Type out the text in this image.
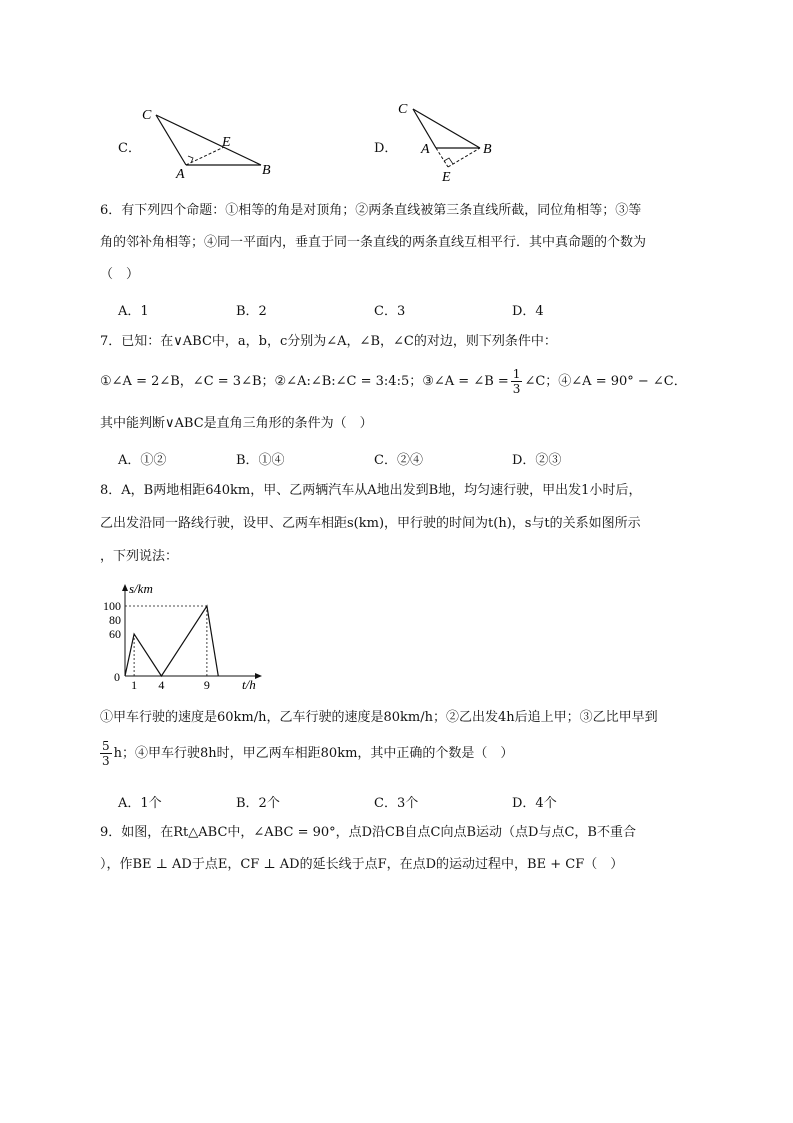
C．
C
E
A	B
D．
C
A	B
E
6．有下列四个命题：①相等的角是对顶角；②两条直线被第三条直线所截，同位角相等；③等
角的邻补角相等；④同一平面内，垂直于同一条直线的两条直线互相平行．其中真命题的个数为
（　）
A．1	B．2	C．3	D．4
7．已知：在∨ABC中，a，b，c分别为∠A，∠B，∠C的对边，则下列条件中：
①∠A = 2∠B，∠C = 3∠B；②∠A:∠B:∠C = 3:4:5；③∠A = ∠B = $\frac{1}{3}$ ∠C；④∠A = 90° − ∠C．
其中能判断∨ABC是直角三角形的条件为（　）
A．①②	B．①④	C．②④	D．②③
8．A，B两地相距640km，甲、乙两辆汽车从A地出发到B地，均匀速行驶，甲出发1小时后，
乙出发沿同一路线行驶，设甲、乙两车相距s(km)，甲行驶的时间为t(h)，s与t的关系如图所示
，下列说法：
s/km
t/h
0
60
80
100
1 4	9
①甲车行驶的速度是60km/h，乙车行驶的速度是80km/h；②乙出发4h后追上甲；③乙比甲早到
$\frac{5}{3}$ h；④甲车行驶8h时，甲乙两车相距80km，其中正确的个数是（　）
A．1个	B．2个	C．3个	D．4个
9．如图，在Rt△ABC中，∠ABC = 90°，点D沿CB自点C向点B运动（点D与点C，B不重合
），作BE ⊥ AD于点E，CF ⊥ AD的延长线于点F，在点D的运动过程中，BE + CF（　）
